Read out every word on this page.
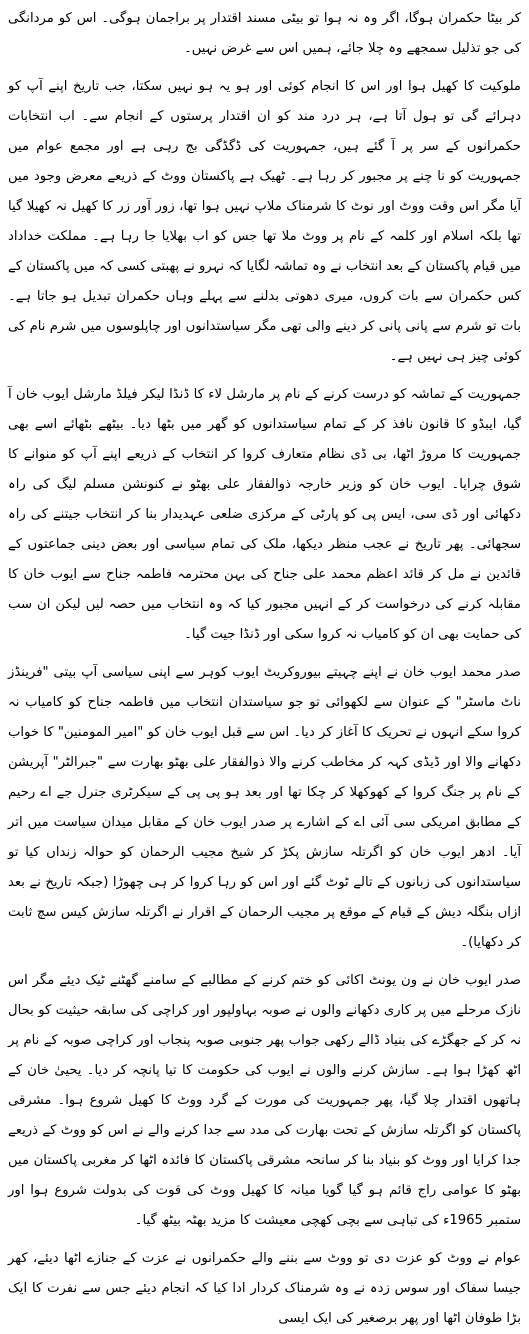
کر بیٹا حکمران ہوگا، اگر وہ نہ ہوا تو بیٹی مسند اقتدار پر براجمان ہوگی۔ اس کو مردانگی کی جو تذلیل سمجھے وہ چلا جائے، ہمیں اس سے غرض نہیں۔

ملوکیت کا کھیل ہوا اور اس کا انجام کوئی اور ہو یہ ہو نہیں سکتا، جب تاریخ اپنے آپ کو دہرائے گی تو ہول آتا ہے، ہر درد مند کو ان اقتدار پرستوں کے انجام سے۔ اب انتخابات حکمرانوں کے سر پر آ گئے ہیں، جمہوریت کی ڈگڈگی بج رہی ہے اور مجمع عوام میں جمہوریت کو نا چنے پر مجبور کر رہا ہے۔ ٹھیک ہے پاکستان ووٹ کے ذریعے معرض وجود میں آیا مگر اس وقت ووٹ اور نوٹ کا شرمناک ملاپ نہیں ہوا تھا، زور آور زر کا کھیل نہ کھیلا گیا تھا بلکہ اسلام اور کلمہ کے نام پر ووٹ ملا تھا جس کو اب بھلایا جا رہا ہے۔ مملکت خداداد میں قیام پاکستان کے بعد انتخاب نے وہ تماشہ لگایا کہ نہرو نے پھبتی کسی کہ میں پاکستان کے کس حکمران سے بات کروں، میری دھوتی بدلنے سے پہلے وہاں حکمران تبدیل ہو جاتا ہے۔ بات تو شرم سے پانی پانی کر دینے والی تھی مگر سیاستدانوں اور چاپلوسوں میں شرم نام کی کوئی چیز ہی نہیں ہے۔

جمہوریت کے تماشہ کو درست کرنے کے نام پر مارشل لاء کا ڈنڈا لیکر فیلڈ مارشل ایوب خان آ گیا، ایبڈو کا قانون نافذ کر کے تمام سیاستدانوں کو گھر میں بٹھا دیا۔ بیٹھے بٹھائے اسے بھی جمہوریت کا مروڑ اٹھا، بی ڈی نظام متعارف کروا کر انتخاب کے ذریعے اپنے آپ کو منوانے کا شوق چرایا۔ ایوب خان کو وزیر خارجہ ذوالفقار علی بھٹو نے کنونشن مسلم لیگ کی راہ دکھائی اور ڈی سی، ایس پی کو پارٹی کے مرکزی ضلعی عہدیدار بنا کر انتخاب جیتنے کی راہ سجھائی۔ پھر تاریخ نے عجب منظر دیکھا، ملک کی تمام سیاسی اور بعض دینی جماعتوں کے قائدین نے مل کر قائد اعظم محمد علی جناح کی بہن محترمہ فاطمہ جناح سے ایوب خان کا مقابلہ کرنے کی درخواست کر کے انہیں مجبور کیا کہ وہ انتخاب میں حصہ لیں لیکن ان سب کی حمایت بھی ان کو کامیاب نہ کروا سکی اور ڈنڈا جیت گیا۔

صدر محمد ایوب خان نے اپنے چہیتے بیوروکریٹ ایوب کوہر سے اپنی سیاسی آپ بیتی "فرینڈز ناٹ ماسٹر" کے عنوان سے لکھوائی تو جو سیاستدان انتخاب میں فاطمہ جناح کو کامیاب نہ کروا سکے انہوں نے تحریک کا آغاز کر دیا۔ اس سے قبل ایوب خان کو "امیر المومنین" کا خواب دکھانے والا اور ڈیڈی کہہ کر مخاطب کرنے والا ذوالفقار علی بھٹو بھارت سے "جبرالٹر" آپریشن کے نام پر جنگ کروا کے کھوکھلا کر چکا تھا اور بعد ہو پی پی کے سیکرٹری جنرل جے اے رحیم کے مطابق امریکی سی آئی اے کے اشارے پر صدر ایوب خان کے مقابل میدان سیاست میں اتر آیا۔ ادھر ایوب خان کو اگرتلہ سازش پکڑ کر شیخ مجیب الرحمان کو حوالہ زنداں کیا تو سیاستدانوں کی زبانوں کے تالے ٹوٹ گئے اور اس کو رہا کروا کر ہی چھوڑا (جبکہ تاریخ نے بعد ازاں بنگلہ دیش کے قیام کے موقع پر مجیب الرحمان کے اقرار نے اگرتلہ سازش کیس سچ ثابت کر دکھایا)۔

صدر ایوب خان نے ون یونٹ اکائی کو ختم کرنے کے مطالبے کے سامنے گھٹنے ٹیک دیئے مگر اس نازک مرحلے میں پر کاری دکھانے والوں نے صوبہ بہاولپور اور کراچی کی سابقہ حیثیت کو بحال نہ کر کے جھگڑے کی بنیاد ڈالے رکھی جواب پھر جنوبی صوبہ پنجاب اور کراچی صوبہ کے نام پر اٹھ کھڑا ہوا ہے۔ سازش کرنے والوں نے ایوب کی حکومت کا تیا پانچہ کر دیا۔ یحییٰ خان کے ہاتھوں اقتدار چلا گیا، پھر جمہوریت کی مورت کے گرد ووٹ کا کھیل شروع ہوا۔ مشرقی پاکستان کو اگرتلہ سازش کے تحت بھارت کی مدد سے جدا کرنے والے نے اس کو ووٹ کے ذریعے جدا کرایا اور ووٹ کو بنیاد بنا کر سانحہ مشرقی پاکستان کا فائدہ اٹھا کر مغربی پاکستان میں بھٹو کا عوامی راج قائم ہو گیا گویا میانہ کا کھیل ووٹ کی قوت کی بدولت شروع ہوا اور ستمبر 1965ء کی تباہی سے بچی کھچی معیشت کا مزید بھٹہ بیٹھ گیا۔

عوام نے ووٹ کو عزت دی تو ووٹ سے بننے والے حکمرانوں نے عزت کے جنازے اٹھا دیئے، کھر جیسا سفاک اور سوس زدہ نے وہ شرمناک کردار ادا کیا کہ انجام دیئے جس سے نفرت کا ایک بڑا طوفان اٹھا اور پھر برصغیر کی ایک ایسی
